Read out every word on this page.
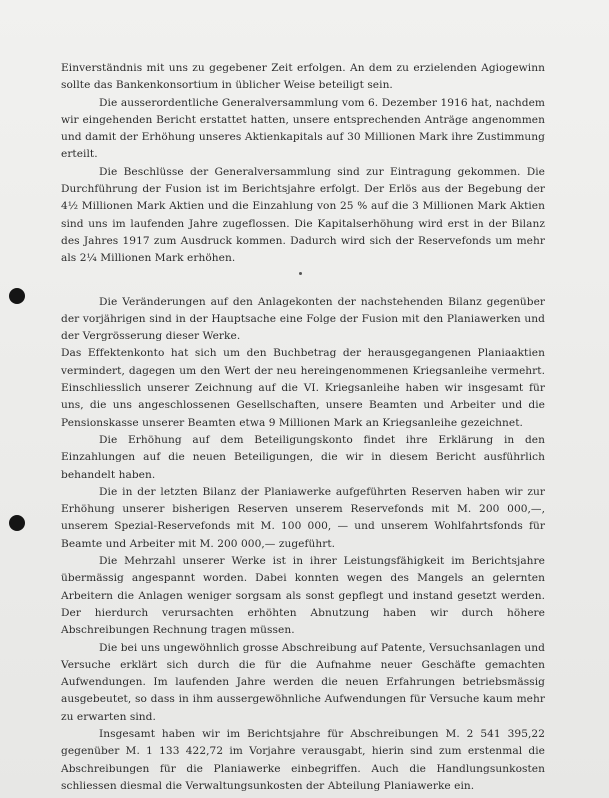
Einverständnis mit uns zu gegebener Zeit erfolgen. An dem zu erzielenden Agiogewinn sollte das Bankenkonsortium in üblicher Weise beteiligt sein.

Die ausserordentliche Generalversammlung vom 6. Dezember 1916 hat, nachdem wir eingehenden Bericht erstattet hatten, unsere entsprechenden Anträge angenommen und damit der Erhöhung unseres Aktienkapitals auf 30 Millionen Mark ihre Zustimmung erteilt.

Die Beschlüsse der Generalversammlung sind zur Eintragung gekommen. Die Durchführung der Fusion ist im Berichtsjahre erfolgt. Der Erlös aus der Begebung der 4½ Millionen Mark Aktien und die Einzahlung von 25 % auf die 3 Millionen Mark Aktien sind uns im laufenden Jahre zugeflossen. Die Kapitalserhöhung wird erst in der Bilanz des Jahres 1917 zum Ausdruck kommen. Dadurch wird sich der Reservefonds um mehr als 2¼ Millionen Mark erhöhen.

Die Veränderungen auf den Anlagekonten der nachstehenden Bilanz gegenüber der vorjährigen sind in der Hauptsache eine Folge der Fusion mit den Planiawerken und der Vergrösserung dieser Werke.

Das Effektenkonto hat sich um den Buchbetrag der herausgegangenen Planiaaktien vermindert, dagegen um den Wert der neu hereingenommenen Kriegsanleihe vermehrt. Einschliesslich unserer Zeichnung auf die VI. Kriegsanleihe haben wir insgesamt für uns, die uns angeschlossenen Gesellschaften, unsere Beamten und Arbeiter und die Pensionskasse unserer Beamten etwa 9 Millionen Mark an Kriegsanleihe gezeichnet.

Die Erhöhung auf dem Beteiligungskonto findet ihre Erklärung in den Einzahlungen auf die neuen Beteiligungen, die wir in diesem Bericht ausführlich behandelt haben.

Die in der letzten Bilanz der Planiawerke aufgeführten Reserven haben wir zur Erhöhung unserer bisherigen Reserven unserem Reservefonds mit M. 200 000,—, unserem Spezial-Reservefonds mit M. 100 000, — und unserem Wohlfahrtsfonds für Beamte und Arbeiter mit M. 200 000,— zugeführt.

Die Mehrzahl unserer Werke ist in ihrer Leistungsfähigkeit im Berichtsjahre übermässig angespannt worden. Dabei konnten wegen des Mangels an gelernten Arbeitern die Anlagen weniger sorgsam als sonst gepflegt und instand gesetzt werden. Der hierdurch verursachten erhöhten Abnutzung haben wir durch höhere Abschreibungen Rechnung tragen müssen.

Die bei uns ungewöhnlich grosse Abschreibung auf Patente, Versuchsanlagen und Versuche erklärt sich durch die für die Aufnahme neuer Geschäfte gemachten Aufwendungen. Im laufenden Jahre werden die neuen Erfahrungen betriebsmässig ausgebeutet, so dass in ihm aussergewöhnliche Aufwendungen für Versuche kaum mehr zu erwarten sind.

Insgesamt haben wir im Berichtsjahre für Abschreibungen M. 2 541 395,22 gegenüber M. 1 133 422,72 im Vorjahre verausgabt, hierin sind zum erstenmal die Abschreibungen für die Planiawerke einbegriffen. Auch die Handlungsunkosten schliessen diesmal die Verwaltungsunkosten der Abteilung Planiawerke ein.
